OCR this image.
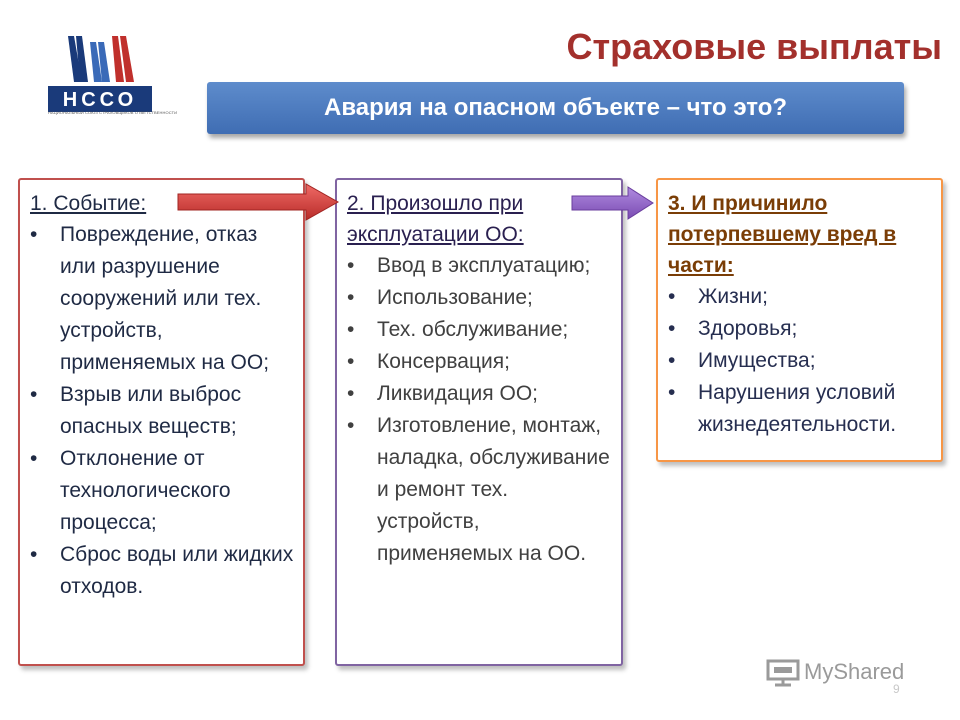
НССО
НАЦИОНАЛЬНЫЙ СОЮЗ СТРАХОВЩИКОВ ОТВЕТСТВЕННОСТИ
Страховые выплаты
Авария на опасном объекте – что это?
1. Событие:
• Повреждение, отказ или разрушение сооружений или тех. устройств, применяемых на ОО;
• Взрыв или выброс опасных веществ;
• Отклонение от технологического процесса;
• Сброс воды или жидких отходов.
2. Произошло при эксплуатации ОО:
• Ввод в эксплуатацию;
• Использование;
• Тех. обслуживание;
• Консервация;
• Ликвидация ОО;
• Изготовление, монтаж, наладка, обслуживание и ремонт тех. устройств, применяемых на ОО.
3. И причинило потерпевшему вред в части:
• Жизни;
• Здоровья;
• Имущества;
• Нарушения условий жизнедеятельности.
MyShared
9
